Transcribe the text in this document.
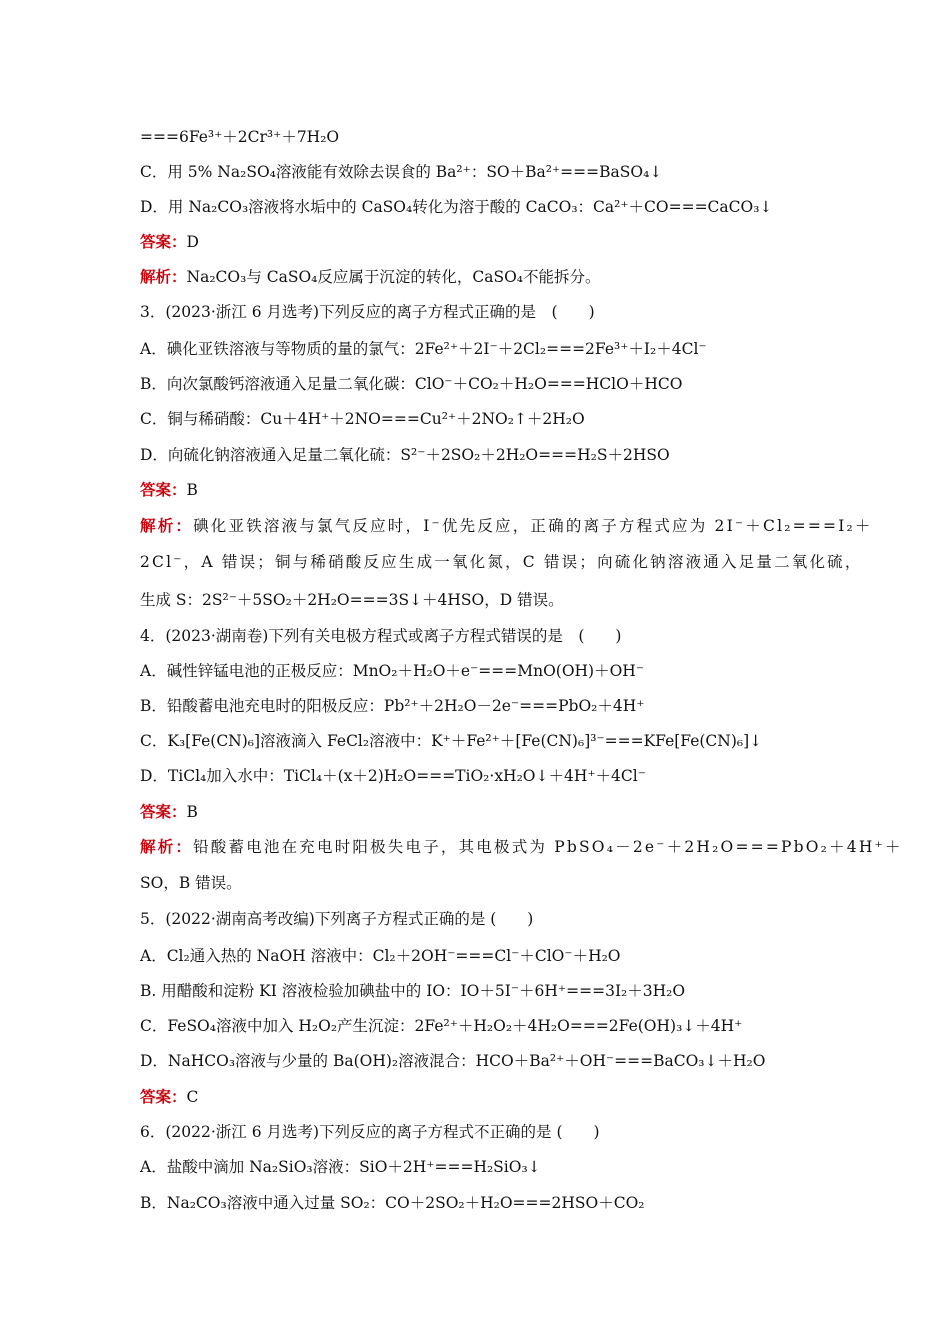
===6Fe³⁺＋2Cr³⁺＋7H₂O
C．用 5% Na₂SO₄溶液能有效除去误食的 Ba²⁺：SO＋Ba²⁺===BaSO₄↓
D．用 Na₂CO₃溶液将水垢中的 CaSO₄转化为溶于酸的 CaCO₃：Ca²⁺＋CO===CaCO₃↓
答案：D
解析：Na₂CO₃与 CaSO₄反应属于沉淀的转化，CaSO₄不能拆分。
3．(2023·浙江 6 月选考)下列反应的离子方程式正确的是　(　　)
A．碘化亚铁溶液与等物质的量的氯气：2Fe²⁺＋2I⁻＋2Cl₂===2Fe³⁺＋I₂＋4Cl⁻
B．向次氯酸钙溶液通入足量二氧化碳：ClO⁻＋CO₂＋H₂O===HClO＋HCO
C．铜与稀硝酸：Cu＋4H⁺＋2NO===Cu²⁺＋2NO₂↑＋2H₂O
D．向硫化钠溶液通入足量二氧化硫：S²⁻＋2SO₂＋2H₂O===H₂S＋2HSO
答案：B
解析：碘化亚铁溶液与氯气反应时，I⁻优先反应，正确的离子方程式应为 2I⁻＋Cl₂===I₂＋
2Cl⁻，A 错误；铜与稀硝酸反应生成一氧化氮，C 错误；向硫化钠溶液通入足量二氧化硫，
生成 S：2S²⁻＋5SO₂＋2H₂O===3S↓＋4HSO，D 错误。
4．(2023·湖南卷)下列有关电极方程式或离子方程式错误的是　(　　)
A．碱性锌锰电池的正极反应：MnO₂＋H₂O＋e⁻===MnO(OH)＋OH⁻
B．铅酸蓄电池充电时的阳极反应：Pb²⁺＋2H₂O－2e⁻===PbO₂＋4H⁺
C．K₃[Fe(CN)₆]溶液滴入 FeCl₂溶液中：K⁺＋Fe²⁺＋[Fe(CN)₆]³⁻===KFe[Fe(CN)₆]↓
D．TiCl₄加入水中：TiCl₄＋(x＋2)H₂O===TiO₂·xH₂O↓＋4H⁺＋4Cl⁻
答案：B
解析：铅酸蓄电池在充电时阳极失电子，其电极式为 PbSO₄－2e⁻＋2H₂O===PbO₂＋4H⁺＋
SO，B 错误。
5．(2022·湖南高考改编)下列离子方程式正确的是 (　　)
A．Cl₂通入热的 NaOH 溶液中：Cl₂＋2OH⁻===Cl⁻＋ClO⁻＋H₂O
B. 用醋酸和淀粉 KI 溶液检验加碘盐中的 IO：IO＋5I⁻＋6H⁺===3I₂＋3H₂O
C．FeSO₄溶液中加入 H₂O₂产生沉淀：2Fe²⁺＋H₂O₂＋4H₂O===2Fe(OH)₃↓＋4H⁺
D．NaHCO₃溶液与少量的 Ba(OH)₂溶液混合：HCO＋Ba²⁺＋OH⁻===BaCO₃↓＋H₂O
答案：C
6．(2022·浙江 6 月选考)下列反应的离子方程式不正确的是 (　　)
A．盐酸中滴加 Na₂SiO₃溶液：SiO＋2H⁺===H₂SiO₃↓
B．Na₂CO₃溶液中通入过量 SO₂：CO＋2SO₂＋H₂O===2HSO＋CO₂
